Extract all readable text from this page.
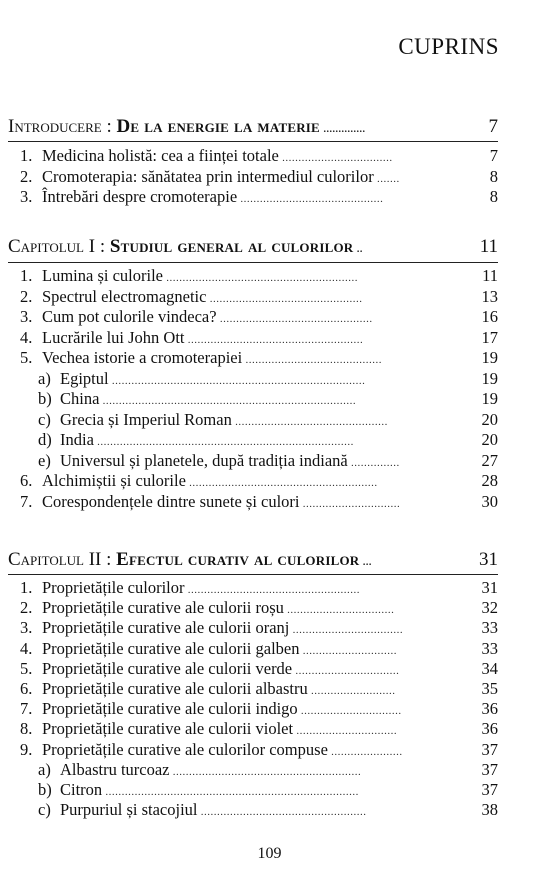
CUPRINS
Introducere : De la energie la materie ..............	7
1. Medicina holistă: cea a ființei totale ..................................	7
2. Cromoterapia: sănătatea prin intermediul culorilor .......	8
3. Întrebări despre cromoterapie ............................................	8
Capitolul I : Studiul general al culorilor ..	11
1. Lumina și culorile ...........................................................	11
2. Spectrul electromagnetic ...............................................	13
3. Cum pot culorile vindeca? ...............................................	16
4. Lucrările lui John Ott ......................................................	17
5. Vechea istorie a cromoterapiei ..........................................	19
a) Egiptul ..............................................................................	19
b) China ..............................................................................	19
c) Grecia și Imperiul Roman ...............................................	20
d) India ...............................................................................	20
e) Universul și planetele, după tradiția indiană ...............	27
6. Alchimiștii și culorile ..........................................................	28
7. Corespondențele dintre sunete și culori ..............................	30
Capitolul II : Efectul curativ al culorilor ...	31
1. Proprietățile culorilor .....................................................	31
2. Proprietățile curative ale culorii roșu .................................	32
3. Proprietățile curative ale culorii oranj ..................................	33
4. Proprietățile curative ale culorii galben .............................	33
5. Proprietățile curative ale culorii verde ................................	34
6. Proprietățile curative ale culorii albastru ..........................	35
7. Proprietățile curative ale culorii indigo ...............................	36
8. Proprietățile curative ale culorii violet ...............................	36
9. Proprietățile curative ale culorilor compuse ......................	37
a) Albastru turcoaz ..........................................................	37
b) Citron ..............................................................................	37
c) Purpuriul și stacojiul ...................................................	38
109
